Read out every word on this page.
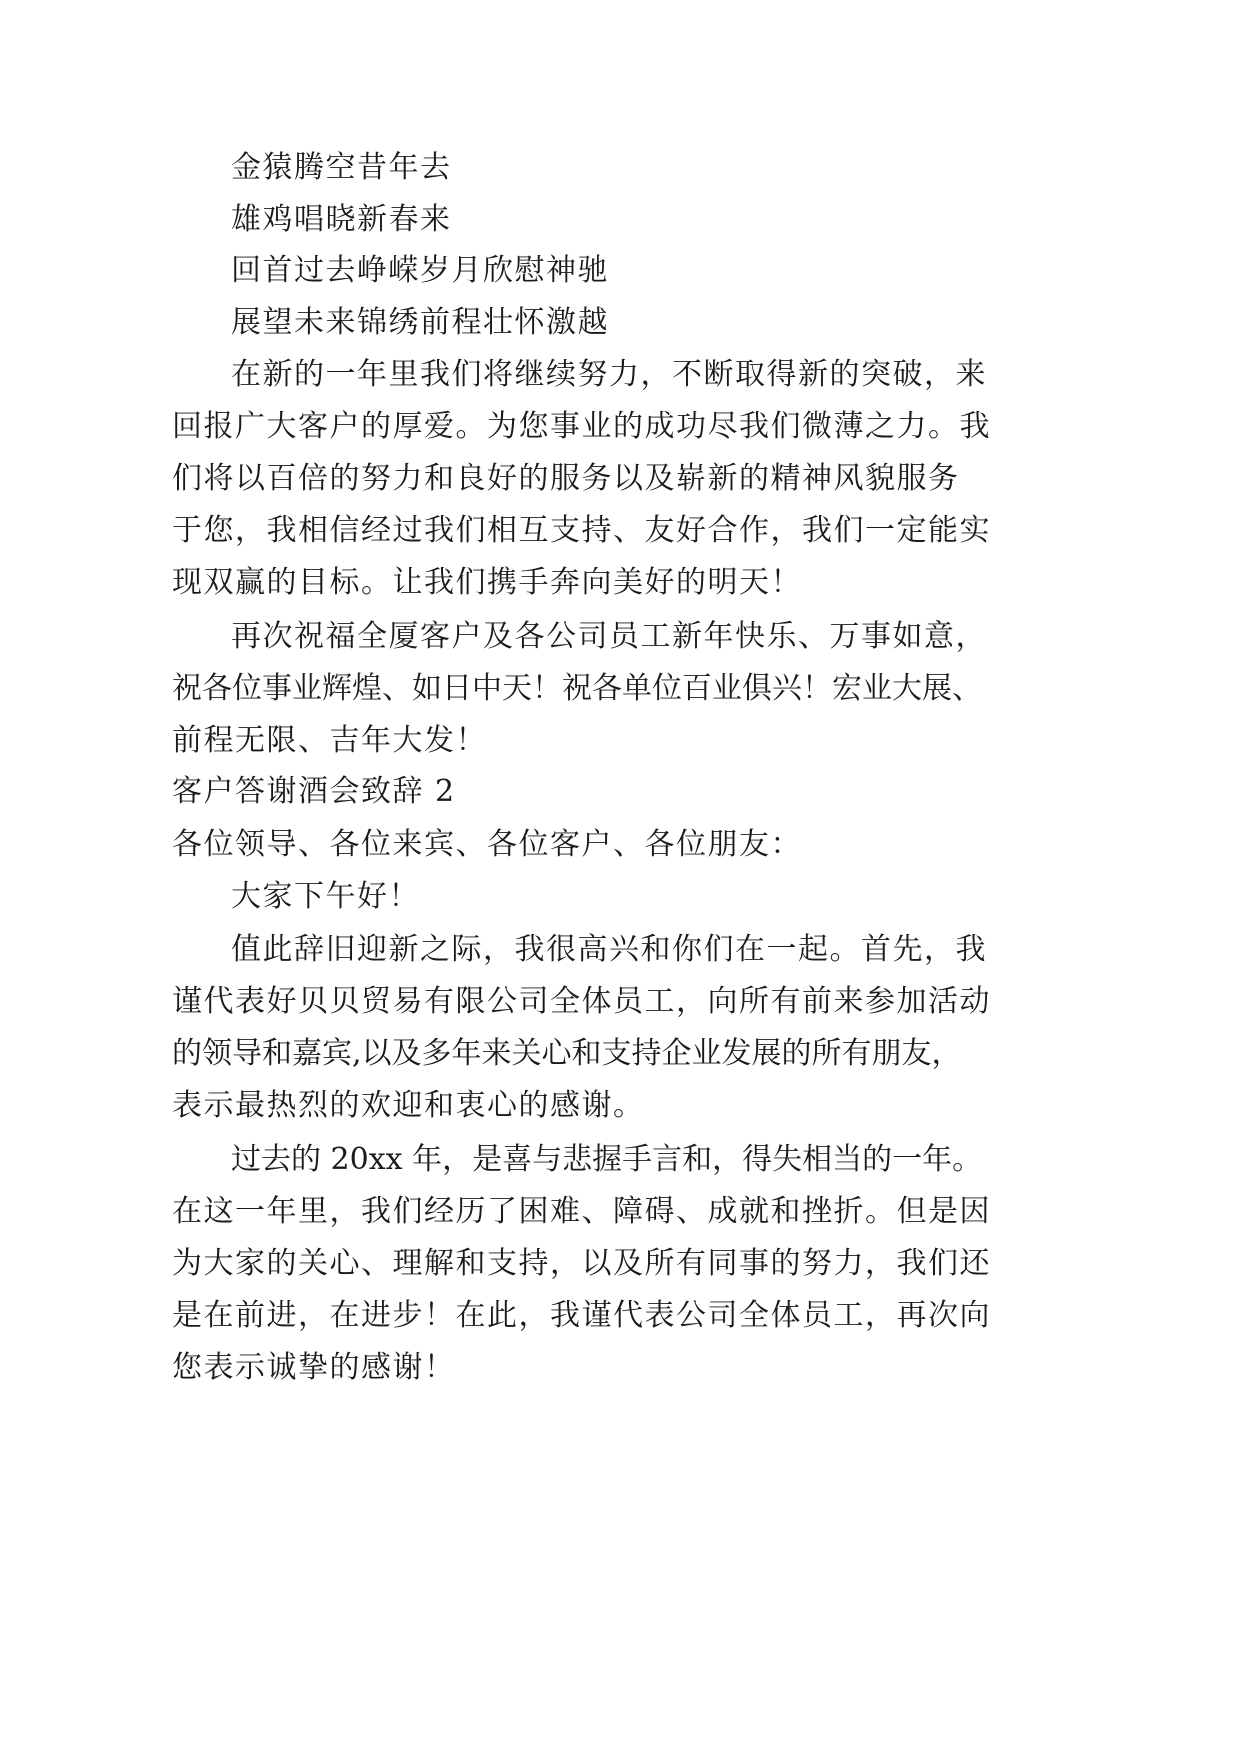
金猿腾空昔年去
雄鸡唱晓新春来
回首过去峥嵘岁月欣慰神驰
展望未来锦绣前程壮怀激越
在新的一年里我们将继续努力，不断取得新的突破，来
回报广大客户的厚爱。为您事业的成功尽我们微薄之力。我
们将以百倍的努力和良好的服务以及崭新的精神风貌服务
于您，我相信经过我们相互支持、友好合作，我们一定能实
现双赢的目标。让我们携手奔向美好的明天！
再次祝福全厦客户及各公司员工新年快乐、万事如意，
祝各位事业辉煌、如日中天！祝各单位百业俱兴！宏业大展、
前程无限、吉年大发！
客户答谢酒会致辞 2
各位领导、各位来宾、各位客户、各位朋友：
大家下午好！
值此辞旧迎新之际，我很高兴和你们在一起。首先，我
谨代表好贝贝贸易有限公司全体员工，向所有前来参加活动
的领导和嘉宾,以及多年来关心和支持企业发展的所有朋友，
表示最热烈的欢迎和衷心的感谢。
过去的 20xx 年，是喜与悲握手言和，得失相当的一年。
在这一年里，我们经历了困难、障碍、成就和挫折。但是因
为大家的关心、理解和支持，以及所有同事的努力，我们还
是在前进，在进步！在此，我谨代表公司全体员工，再次向
您表示诚挚的感谢！
